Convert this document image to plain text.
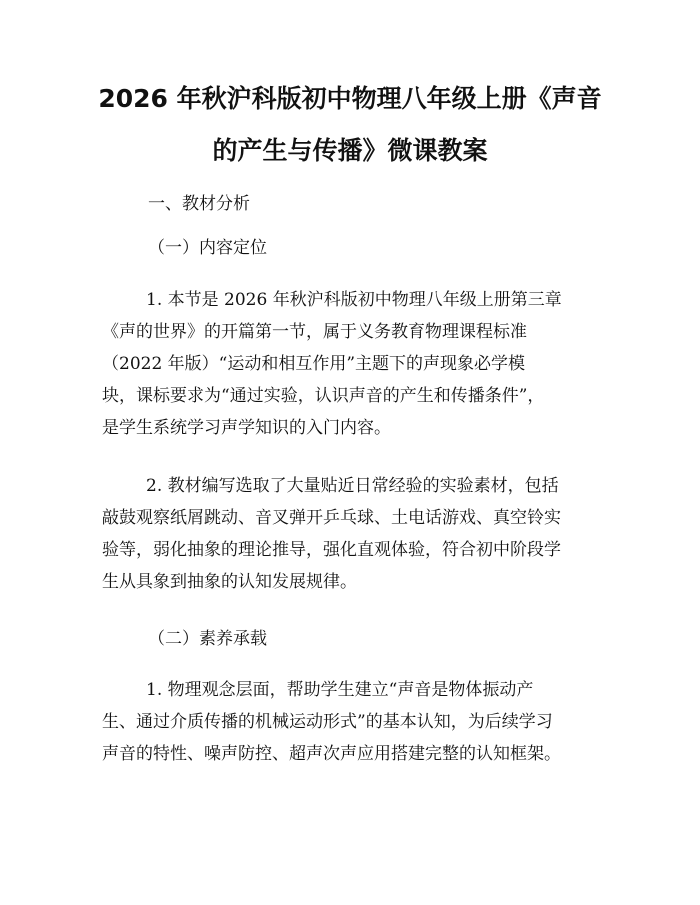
2026 年秋沪科版初中物理八年级上册《声音
的产生与传播》微课教案
一、教材分析
（一）内容定位
1. 本节是 2026 年秋沪科版初中物理八年级上册第三章
《声的世界》的开篇第一节，属于义务教育物理课程标准
（2022 年版）“运动和相互作用”主题下的声现象必学模
块，课标要求为“通过实验，认识声音的产生和传播条件”，
是学生系统学习声学知识的入门内容。
2. 教材编写选取了大量贴近日常经验的实验素材，包括
敲鼓观察纸屑跳动、音叉弹开乒乓球、土电话游戏、真空铃实
验等，弱化抽象的理论推导，强化直观体验，符合初中阶段学
生从具象到抽象的认知发展规律。
（二）素养承载
1. 物理观念层面，帮助学生建立“声音是物体振动产
生、通过介质传播的机械运动形式”的基本认知，为后续学习
声音的特性、噪声防控、超声次声应用搭建完整的认知框架。
